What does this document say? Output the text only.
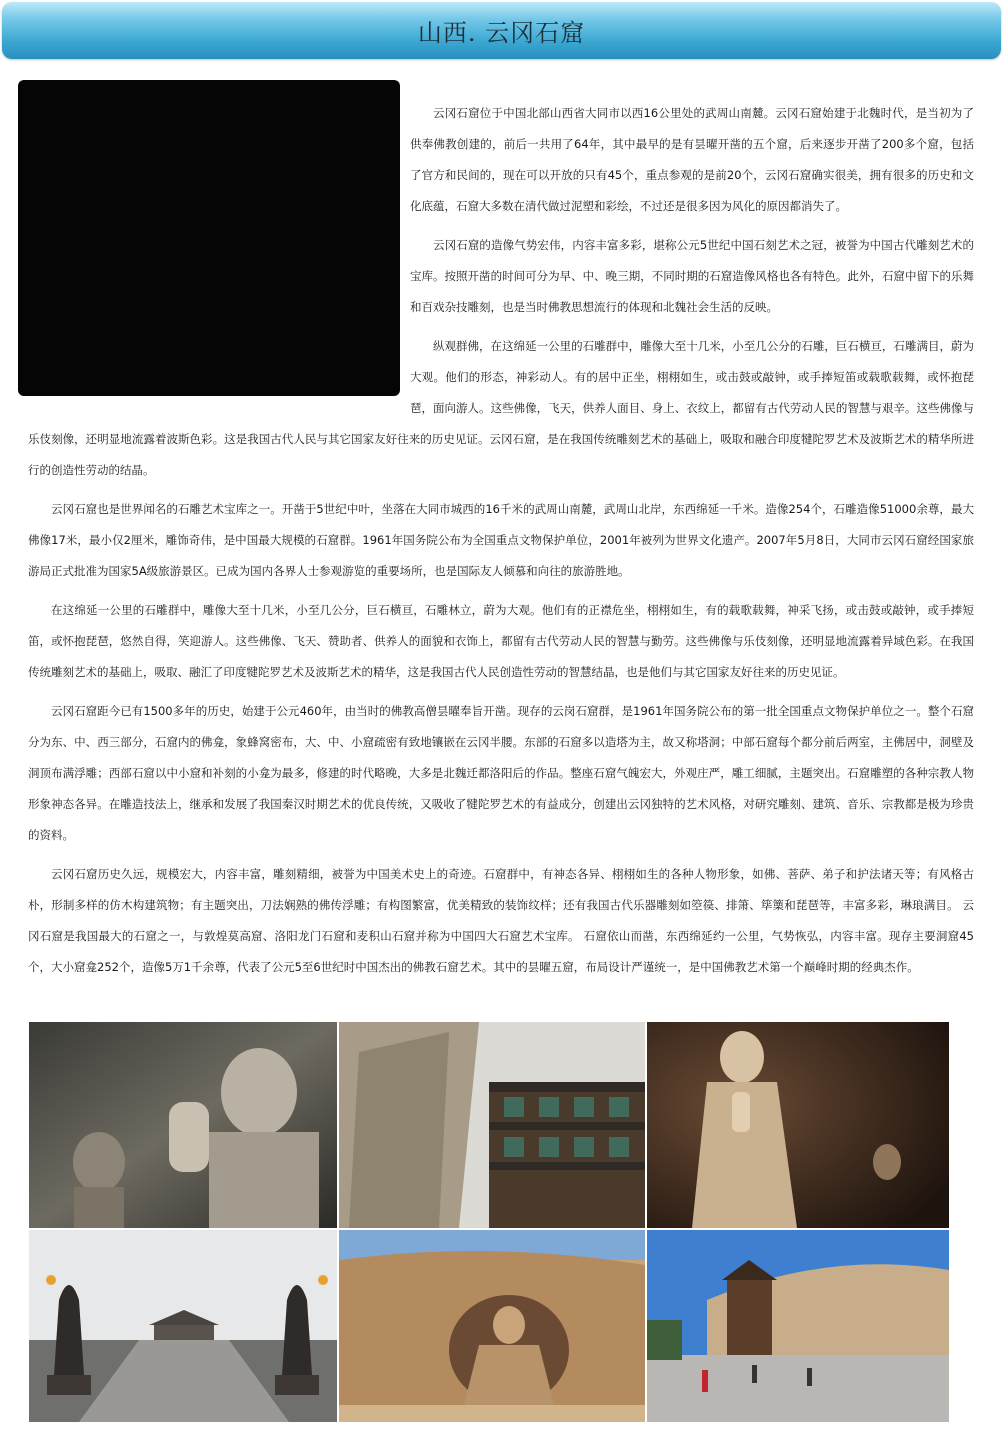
山西. 云冈石窟

云冈石窟位于中国北部山西省大同市以西16公里处的武周山南麓。云冈石窟始建于北魏时代，是当初为了供奉佛教创建的，前后一共用了64年，其中最早的是有昙曜开凿的五个窟，后来逐步开凿了200多个窟，包括了官方和民间的，现在可以开放的只有45个，重点参观的是前20个，云冈石窟确实很美，拥有很多的历史和文化底蕴，石窟大多数在清代做过泥塑和彩绘，不过还是很多因为风化的原因都消失了。

云冈石窟的造像气势宏伟，内容丰富多彩，堪称公元5世纪中国石刻艺术之冠，被誉为中国古代雕刻艺术的宝库。按照开凿的时间可分为早、中、晚三期，不同时期的石窟造像风格也各有特色。此外，石窟中留下的乐舞和百戏杂技雕刻，也是当时佛教思想流行的体现和北魏社会生活的反映。

纵观群佛，在这绵延一公里的石雕群中，雕像大至十几米，小至几公分的石雕，巨石横亘，石雕满目，蔚为大观。他们的形态，神彩动人。有的居中正坐，栩栩如生，或击鼓或敲钟，或手捧短笛或载歌载舞，或怀抱琵琶，面向游人。这些佛像，飞天，供养人面目、身上、衣纹上，都留有古代劳动人民的智慧与艰辛。这些佛像与乐伎刻像，还明显地流露着波斯色彩。这是我国古代人民与其它国家友好往来的历史见证。云冈石窟，是在我国传统雕刻艺术的基础上，吸取和融合印度犍陀罗艺术及波斯艺术的精华所进行的创造性劳动的结晶。

云冈石窟也是世界闻名的石雕艺术宝库之一。开凿于5世纪中叶，坐落在大同市城西的16千米的武周山南麓，武周山北岸，东西绵延一千米。造像254个，石雕造像51000余尊，最大佛像17米，最小仅2厘米，雕饰奇伟，是中国最大规模的石窟群。1961年国务院公布为全国重点文物保护单位，2001年被列为世界文化遗产。2007年5月8日，大同市云冈石窟经国家旅游局正式批准为国家5A级旅游景区。已成为国内各界人士参观游览的重要场所，也是国际友人倾慕和向往的旅游胜地。

在这绵延一公里的石雕群中，雕像大至十几米，小至几公分，巨石横亘，石雕林立，蔚为大观。他们有的正襟危坐，栩栩如生，有的载歌载舞，神采飞扬，或击鼓或敲钟，或手捧短笛，或怀抱琵琶，悠然自得，笑迎游人。这些佛像、飞天、赞助者、供养人的面貌和衣饰上，都留有古代劳动人民的智慧与勤劳。这些佛像与乐伎刻像，还明显地流露着异域色彩。在我国传统雕刻艺术的基础上，吸取、融汇了印度犍陀罗艺术及波斯艺术的精华，这是我国古代人民创造性劳动的智慧结晶，也是他们与其它国家友好往来的历史见证。

云冈石窟距今已有1500多年的历史，始建于公元460年，由当时的佛教高僧昙曜奉旨开凿。现存的云岗石窟群，是1961年国务院公布的第一批全国重点文物保护单位之一。整个石窟分为东、中、西三部分，石窟内的佛龛，象蜂窝密布，大、中、小窟疏密有致地镶嵌在云冈半腰。东部的石窟多以造塔为主，故又称塔洞；中部石窟每个都分前后两室，主佛居中，洞壁及洞顶布满浮雕；西部石窟以中小窟和补刻的小龛为最多，修建的时代略晚，大多是北魏迁都洛阳后的作品。整座石窟气魄宏大，外观庄严，雕工细腻，主题突出。石窟雕塑的各种宗教人物形象神态各异。在雕造技法上，继承和发展了我国秦汉时期艺术的优良传统，又吸收了犍陀罗艺术的有益成分，创建出云冈独特的艺术风格，对研究雕刻、建筑、音乐、宗教都是极为珍贵的资料。

云冈石窟历史久远，规模宏大，内容丰富，雕刻精细，被誉为中国美术史上的奇迹。石窟群中，有神态各异、栩栩如生的各种人物形象，如佛、菩萨、弟子和护法诸天等；有风格古朴，形制多样的仿木构建筑物；有主题突出，刀法娴熟的佛传浮雕；有构图繁富，优美精致的装饰纹样；还有我国古代乐器雕刻如箜篌、排箫、筚篥和琵琶等，丰富多彩，琳琅满目。 云冈石窟是我国最大的石窟之一，与敦煌莫高窟、洛阳龙门石窟和麦积山石窟并称为中国四大石窟艺术宝库。 石窟依山而凿，东西绵延约一公里，气势恢弘，内容丰富。现存主要洞窟45个，大小窟龛252个，造像5万1千余尊，代表了公元5至6世纪时中国杰出的佛教石窟艺术。其中的昙曜五窟，布局设计严谨统一，是中国佛教艺术第一个巅峰时期的经典杰作。
